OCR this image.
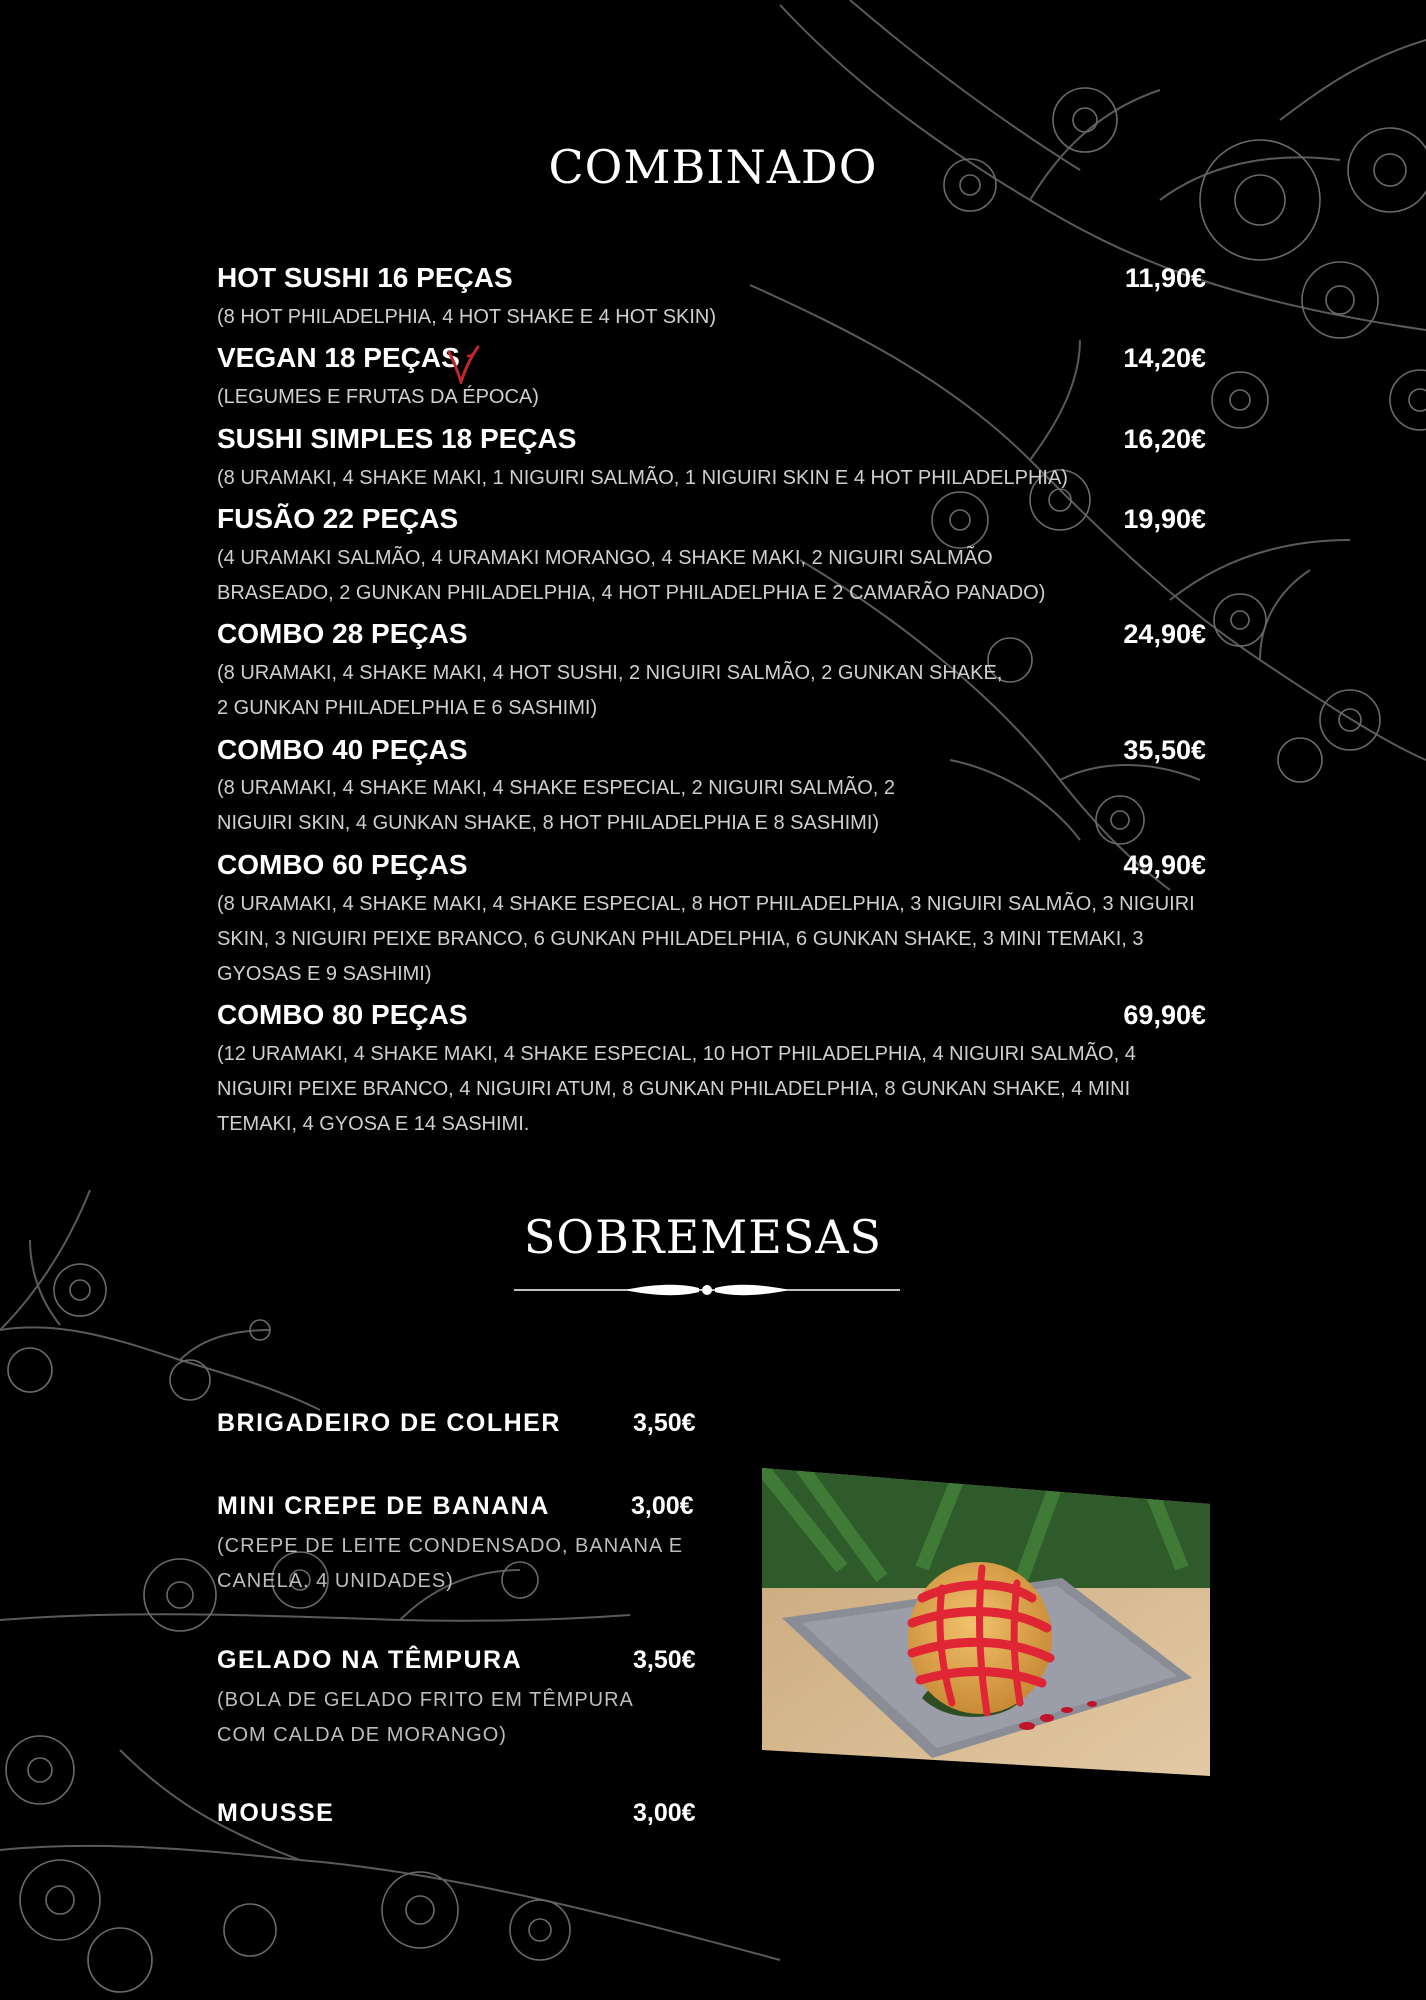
COMBINADO
HOT SUSHI 16 PEÇAS	11,90€
(8 HOT PHILADELPHIA, 4 HOT SHAKE E 4 HOT SKIN)
VEGAN 18 PEÇAS	14,20€
(LEGUMES E FRUTAS DA ÉPOCA)
SUSHI SIMPLES 18 PEÇAS	16,20€
(8 URAMAKI, 4 SHAKE MAKI, 1 NIGUIRI SALMÃO, 1 NIGUIRI SKIN E 4 HOT PHILADELPHIA)
FUSÃO 22 PEÇAS	19,90€
(4 URAMAKI SALMÃO, 4 URAMAKI MORANGO, 4 SHAKE MAKI, 2 NIGUIRI SALMÃO BRASEADO, 2 GUNKAN PHILADELPHIA, 4 HOT PHILADELPHIA E 2 CAMARÃO PANADO)
COMBO 28 PEÇAS	24,90€
(8 URAMAKI, 4 SHAKE MAKI, 4 HOT SUSHI, 2 NIGUIRI SALMÃO, 2 GUNKAN SHAKE, 2 GUNKAN PHILADELPHIA E 6 SASHIMI)
COMBO 40 PEÇAS	35,50€
(8 URAMAKI, 4 SHAKE MAKI, 4 SHAKE ESPECIAL, 2 NIGUIRI SALMÃO, 2 NIGUIRI SKIN, 4 GUNKAN SHAKE, 8 HOT PHILADELPHIA E 8 SASHIMI)
COMBO 60 PEÇAS	49,90€
(8 URAMAKI, 4 SHAKE MAKI, 4 SHAKE ESPECIAL, 8 HOT PHILADELPHIA, 3 NIGUIRI SALMÃO, 3 NIGUIRI SKIN, 3 NIGUIRI PEIXE BRANCO, 6 GUNKAN PHILADELPHIA, 6 GUNKAN SHAKE, 3 MINI TEMAKI, 3 GYOSAS E 9 SASHIMI)
COMBO 80 PEÇAS	69,90€
(12 URAMAKI, 4 SHAKE MAKI, 4 SHAKE ESPECIAL, 10 HOT PHILADELPHIA, 4 NIGUIRI SALMÃO, 4 NIGUIRI PEIXE BRANCO, 4 NIGUIRI ATUM, 8 GUNKAN PHILADELPHIA, 8 GUNKAN SHAKE, 4 MINI TEMAKI, 4 GYOSA E 14 SASHIMI.
SOBREMESAS
BRIGADEIRO DE COLHER	3,50€
MINI CREPE DE BANANA	3,00€
(CREPE DE LEITE CONDENSADO, BANANA E CANELA. 4 UNIDADES)
GELADO NA TÊMPURA	3,50€
(BOLA DE GELADO FRITO EM TÊMPURA COM CALDA DE MORANGO)
MOUSSE	3,00€
